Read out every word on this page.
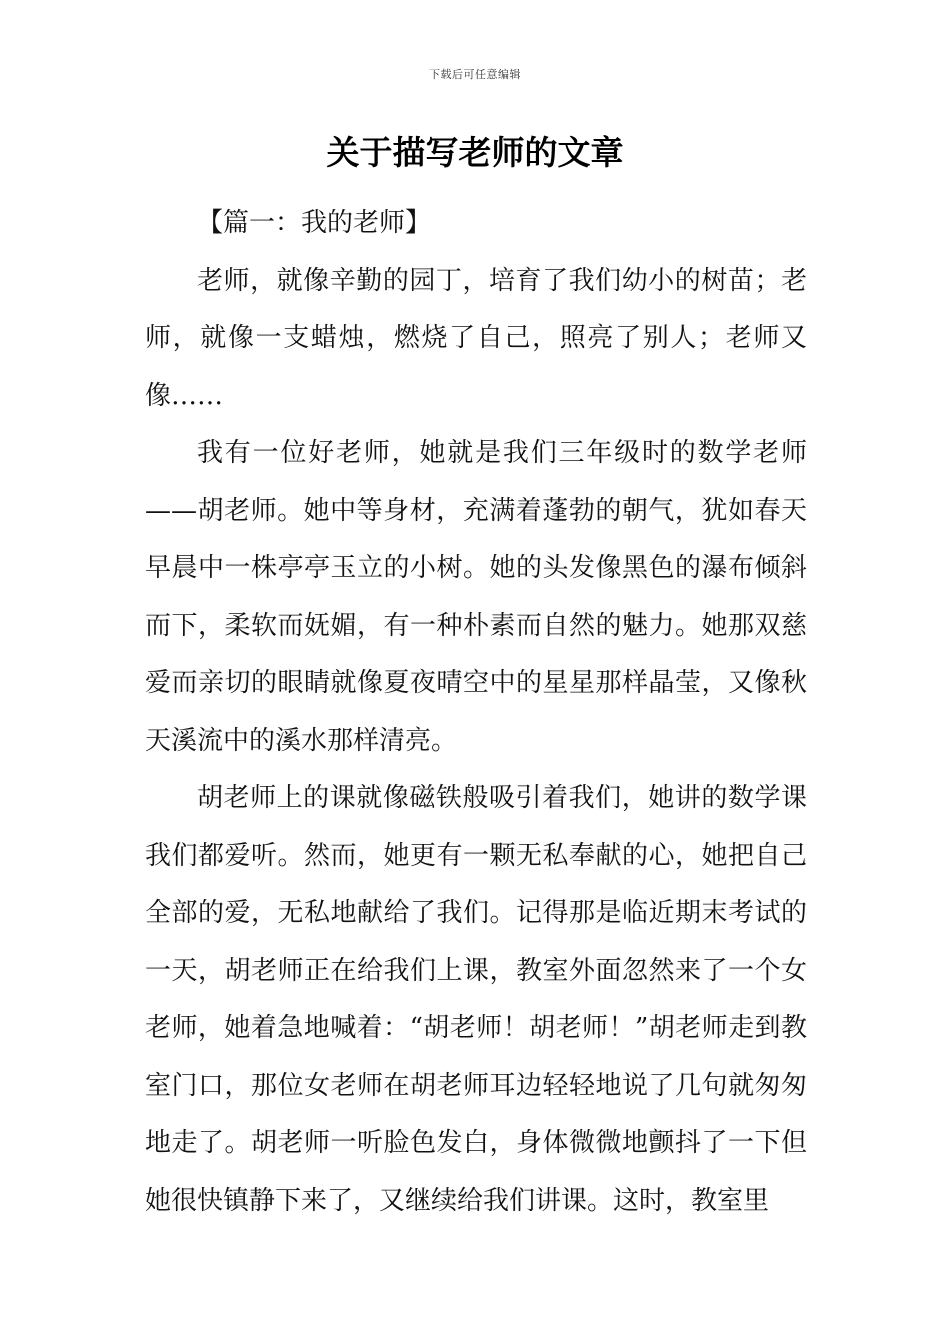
下载后可任意编辑
关于描写老师的文章

【篇一：我的老师】

老师，就像辛勤的园丁，培育了我们幼小的树苗；老师，就像一支蜡烛，燃烧了自己，照亮了别人；老师又像……

我有一位好老师，她就是我们三年级时的数学老师——胡老师。她中等身材，充满着蓬勃的朝气，犹如春天早晨中一株亭亭玉立的小树。她的头发像黑色的瀑布倾斜而下，柔软而妩媚，有一种朴素而自然的魅力。她那双慈爱而亲切的眼睛就像夏夜晴空中的星星那样晶莹，又像秋天溪流中的溪水那样清亮。

胡老师上的课就像磁铁般吸引着我们，她讲的数学课我们都爱听。然而，她更有一颗无私奉献的心，她把自己全部的爱，无私地献给了我们。记得那是临近期末考试的一天，胡老师正在给我们上课，教室外面忽然来了一个女老师，她着急地喊着：“胡老师！胡老师！”胡老师走到教室门口，那位女老师在胡老师耳边轻轻地说了几句就匆匆地走了。胡老师一听脸色发白，身体微微地颤抖了一下但她很快镇静下来了，又继续给我们讲课。这时，教室里
